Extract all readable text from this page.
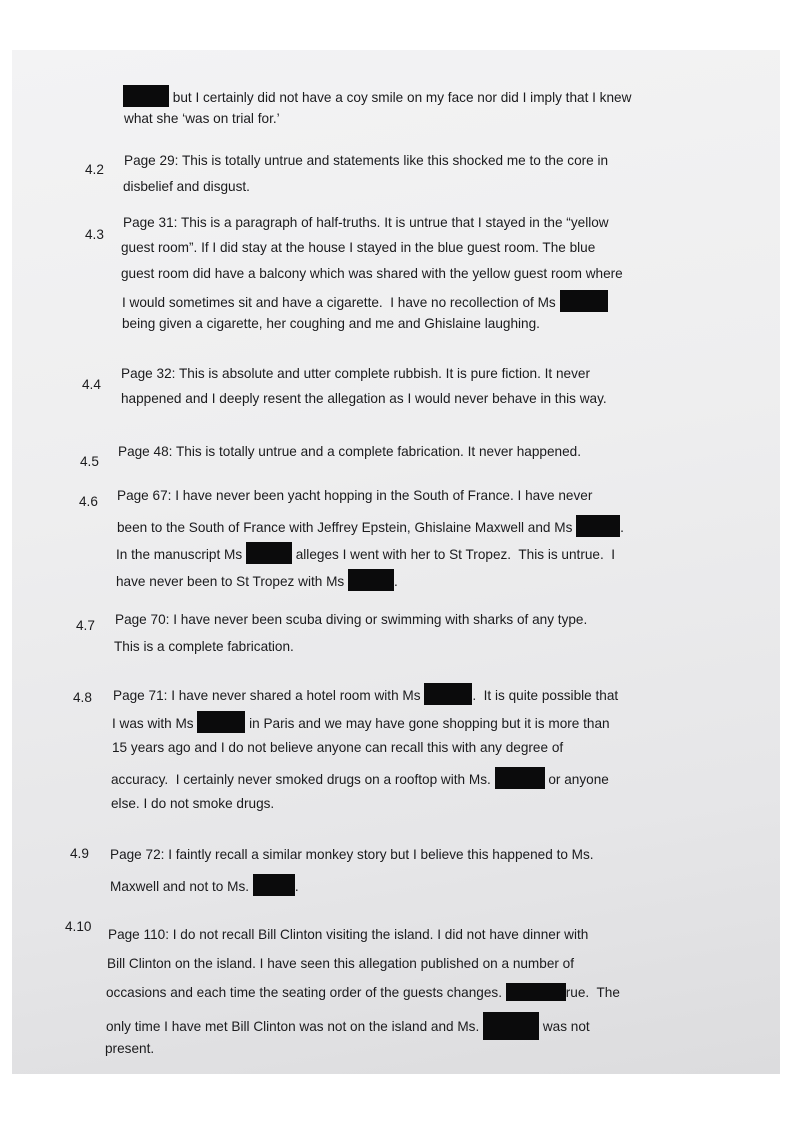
but I certainly did not have a coy smile on my face nor did I imply that I knew
what she ‘was on trial for.’
4.2
Page 29: This is totally untrue and statements like this shocked me to the core in
disbelief and disgust.
4.3
Page 31: This is a paragraph of half-truths. It is untrue that I stayed in the “yellow
guest room”. If I did stay at the house I stayed in the blue guest room. The blue
guest room did have a balcony which was shared with the yellow guest room where
I would sometimes sit and have a cigarette.  I have no recollection of Ms
being given a cigarette, her coughing and me and Ghislaine laughing.
4.4
Page 32: This is absolute and utter complete rubbish. It is pure fiction. It never
happened and I deeply resent the allegation as I would never behave in this way.
4.5
Page 48: This is totally untrue and a complete fabrication. It never happened.
4.6 Page 67: I have never been yacht hopping in the South of France. I have never
been to the South of France with Jeffrey Epstein, Ghislaine Maxwell and Ms	.
In the manuscript Ms	alleges I went with her to St Tropez.  This is untrue.  I
have never been to St Tropez with Ms	.
4.7 Page 70: I have never been scuba diving or swimming with sharks of any type.
This is a complete fabrication.
4.8 Page 71: I have never shared a hotel room with Ms	.  It is quite possible that
I was with Ms	in Paris and we may have gone shopping but it is more than
15 years ago and I do not believe anyone can recall this with any degree of
accuracy.  I certainly never smoked drugs on a rooftop with Ms.	or anyone
else. I do not smoke drugs.
4.9 Page 72: I faintly recall a similar monkey story but I believe this happened to Ms.
Maxwell and not to Ms.	.
4.10
Page 110: I do not recall Bill Clinton visiting the island. I did not have dinner with
Bill Clinton on the island. I have seen this allegation published on a number of
occasions and each time the seating order of the guests changes.	rue.  The
only time I have met Bill Clinton was not on the island and Ms.	was not
present.
